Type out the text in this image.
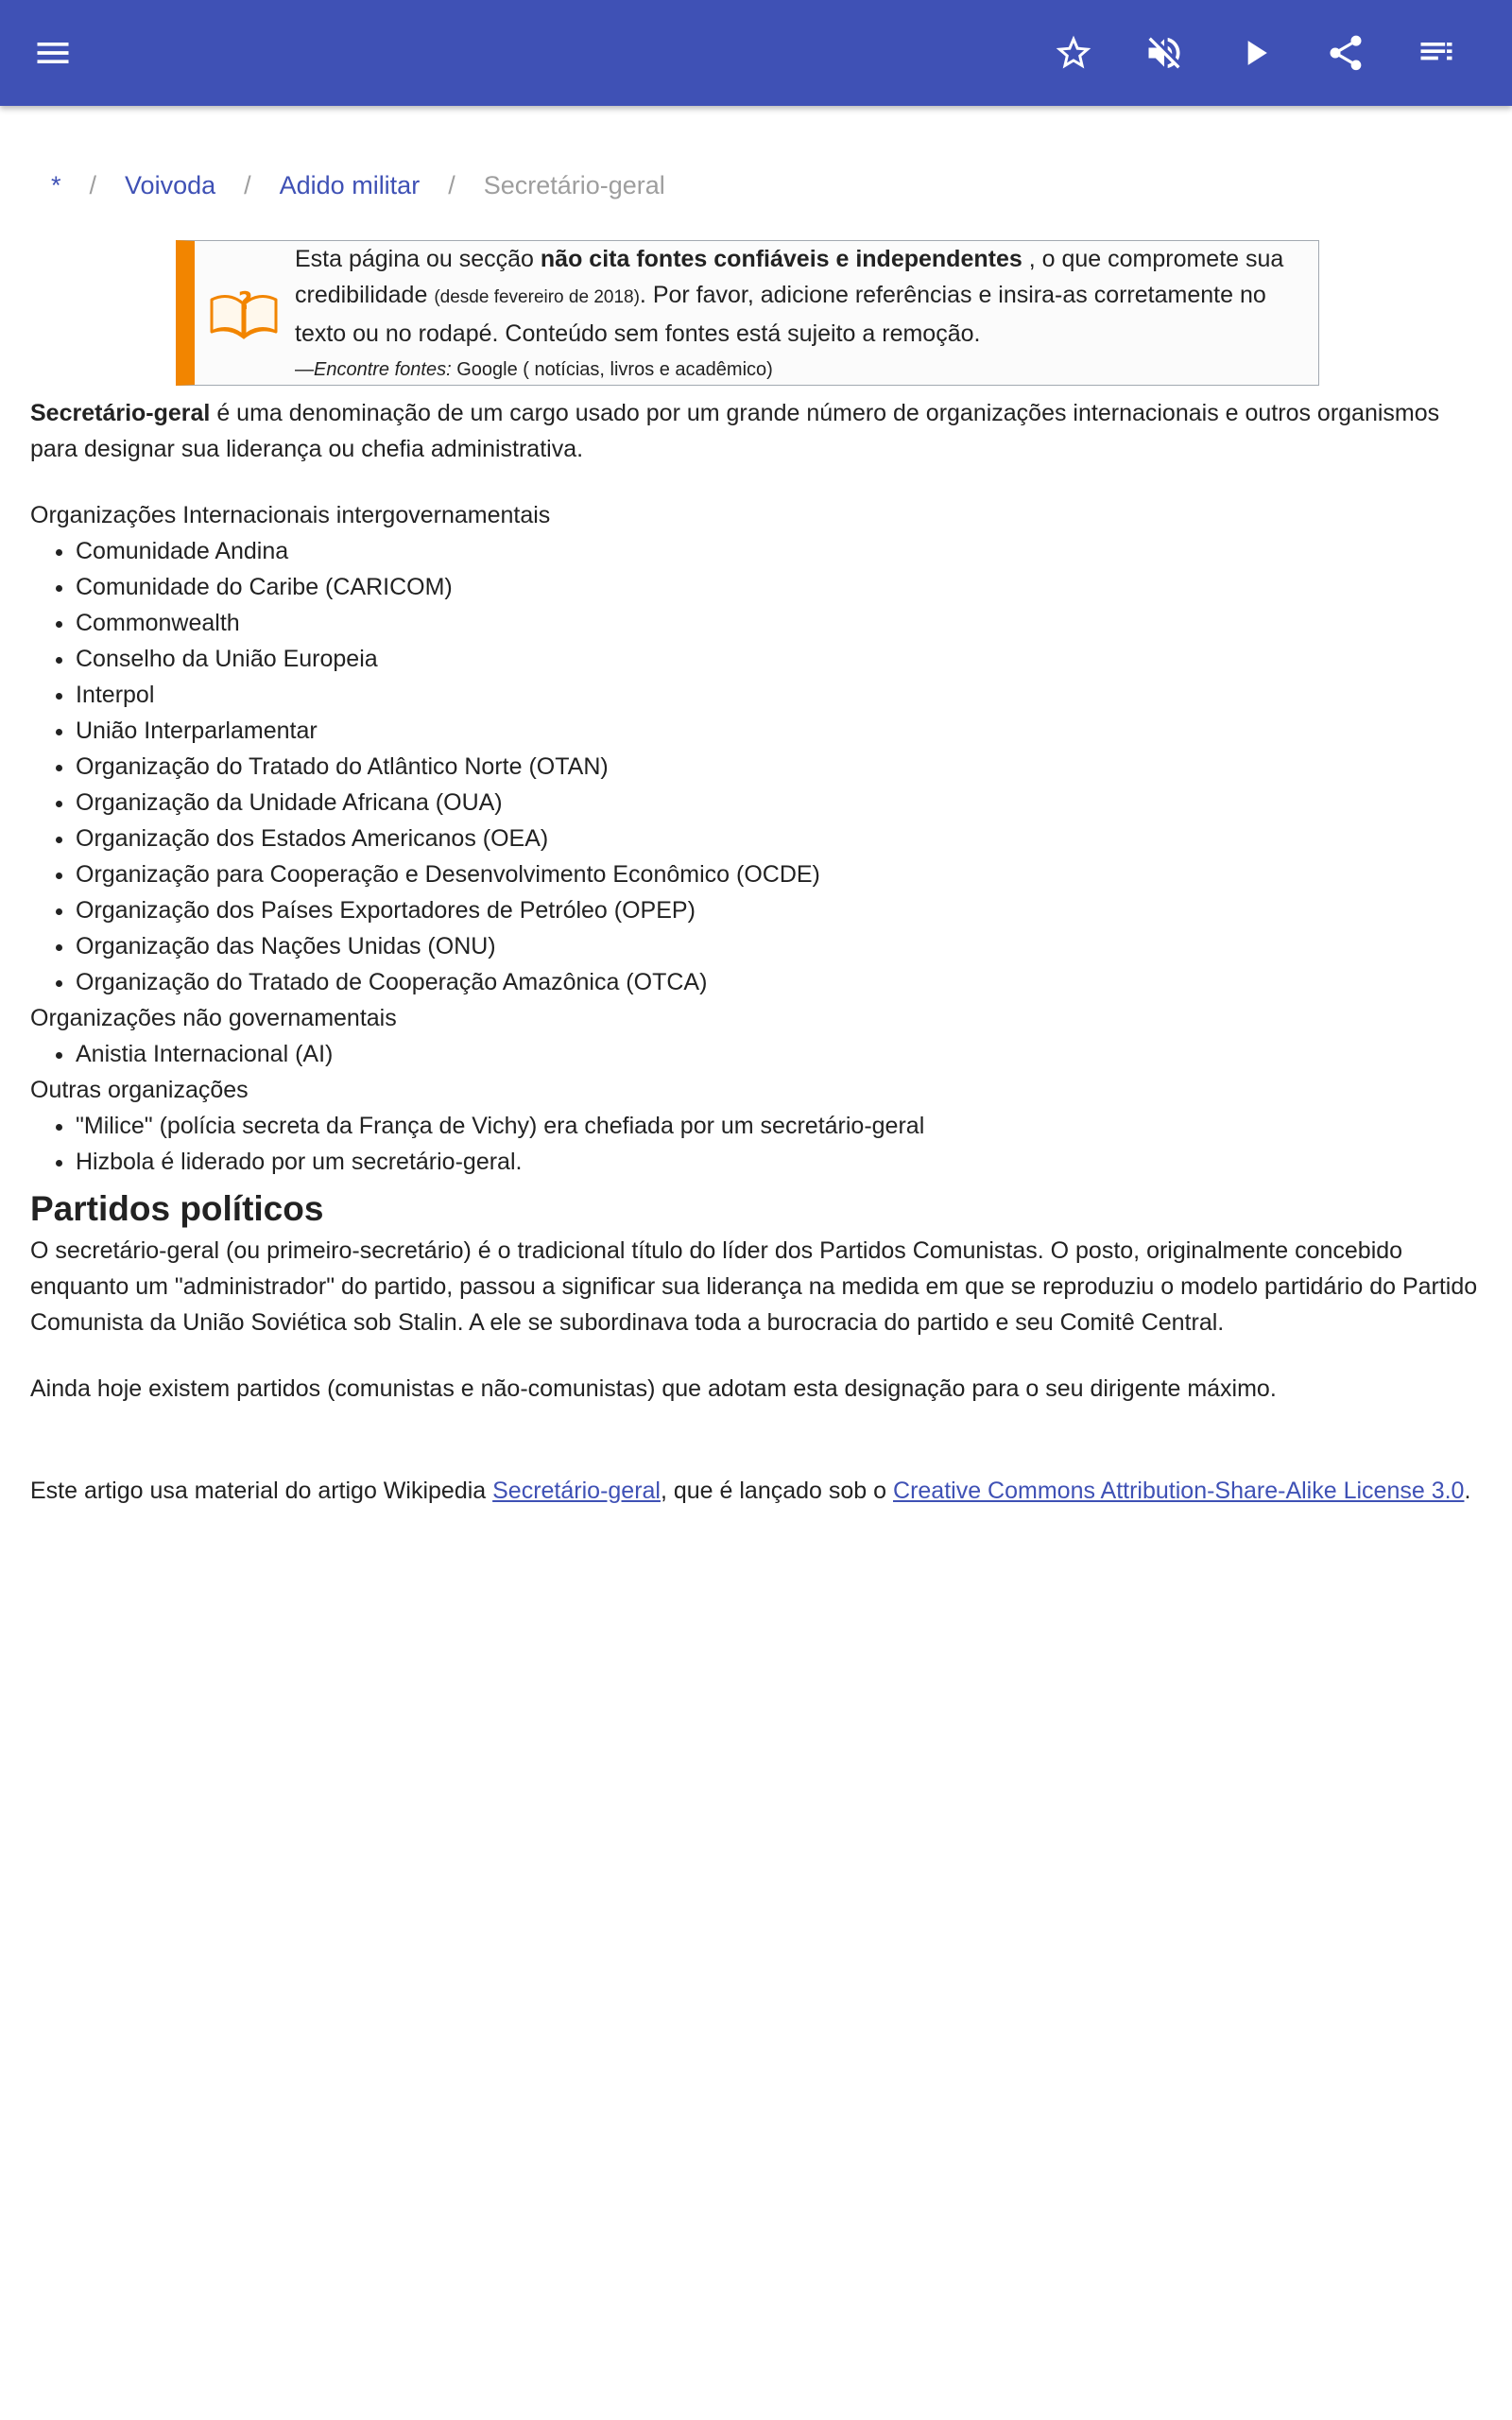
* / Voivoda / Adido militar / Secretário-geral
?
Esta página ou secção não cita fontes confiáveis e independentes , o que compromete sua credibilidade (desde fevereiro de 2018). Por favor, adicione referências e insira-as corretamente no texto ou no rodapé. Conteúdo sem fontes está sujeito a remoção.
—Encontre fontes: Google ( notícias, livros e acadêmico)

Secretário-geral é uma denominação de um cargo usado por um grande número de organizações internacionais e outros organismos para designar sua liderança ou chefia administrativa.

Organizações Internacionais intergovernamentais
• Comunidade Andina
• Comunidade do Caribe (CARICOM)
• Commonwealth
• Conselho da União Europeia
• Interpol
• União Interparlamentar
• Organização do Tratado do Atlântico Norte (OTAN)
• Organização da Unidade Africana (OUA)
• Organização dos Estados Americanos (OEA)
• Organização para Cooperação e Desenvolvimento Econômico (OCDE)
• Organização dos Países Exportadores de Petróleo (OPEP)
• Organização das Nações Unidas (ONU)
• Organização do Tratado de Cooperação Amazônica (OTCA)
Organizações não governamentais
• Anistia Internacional (AI)
Outras organizações
• "Milice" (polícia secreta da França de Vichy) era chefiada por um secretário-geral
• Hizbola é liderado por um secretário-geral.
Partidos políticos

O secretário-geral (ou primeiro-secretário) é o tradicional título do líder dos Partidos Comunistas. O posto, originalmente concebido enquanto um "administrador" do partido, passou a significar sua liderança na medida em que se reproduziu o modelo partidário do Partido Comunista da União Soviética sob Stalin. A ele se subordinava toda a burocracia do partido e seu Comitê Central.

Ainda hoje existem partidos (comunistas e não-comunistas) que adotam esta designação para o seu dirigente máximo.

Este artigo usa material do artigo Wikipedia Secretário-geral, que é lançado sob o Creative Commons Attribution-Share-Alike License 3.0.
